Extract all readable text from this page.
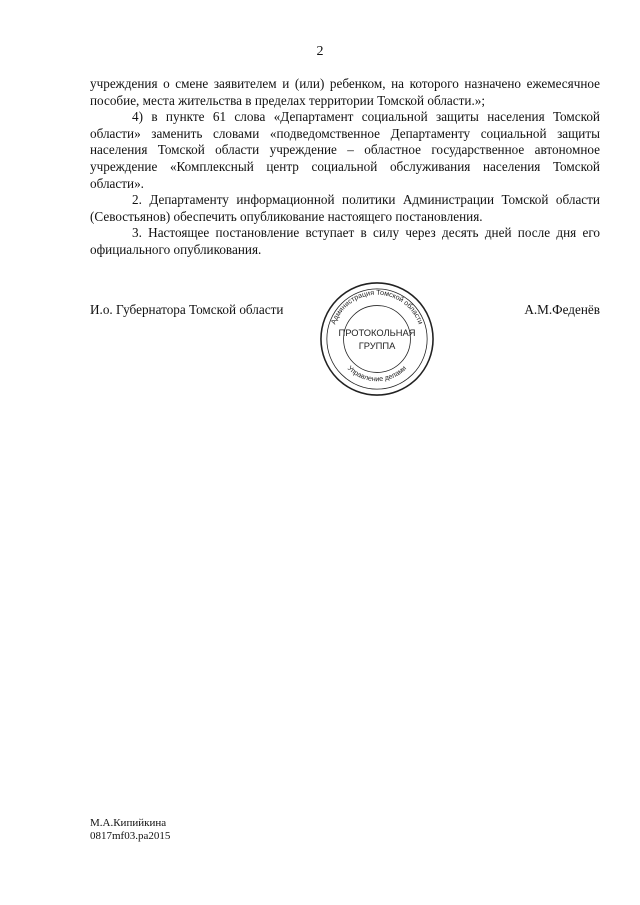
2

учреждения о смене заявителем и (или) ребенком, на которого назначено ежемесячное пособие, места жительства в пределах территории Томской области.»;

4) в пункте 61 слова «Департамент социальной защиты населения Томской области» заменить словами «подведомственное Департаменту социальной защиты населения Томской области учреждение – областное государственное автономное учреждение «Комплексный центр социальной обслуживания населения Томской области».

2. Департаменту информационной политики Администрации Томской области (Севостьянов) обеспечить опубликование настоящего постановления.

3. Настоящее постановление вступает в силу через десять дней после дня его официального опубликования.

И.о. Губернатора Томской области	А.М.Феденёв
Администрация Томской области
Управление делами
ПРОТОКОЛЬНАЯ
ГРУППА
М.А.Кипийкина
0817mf03.pa2015
